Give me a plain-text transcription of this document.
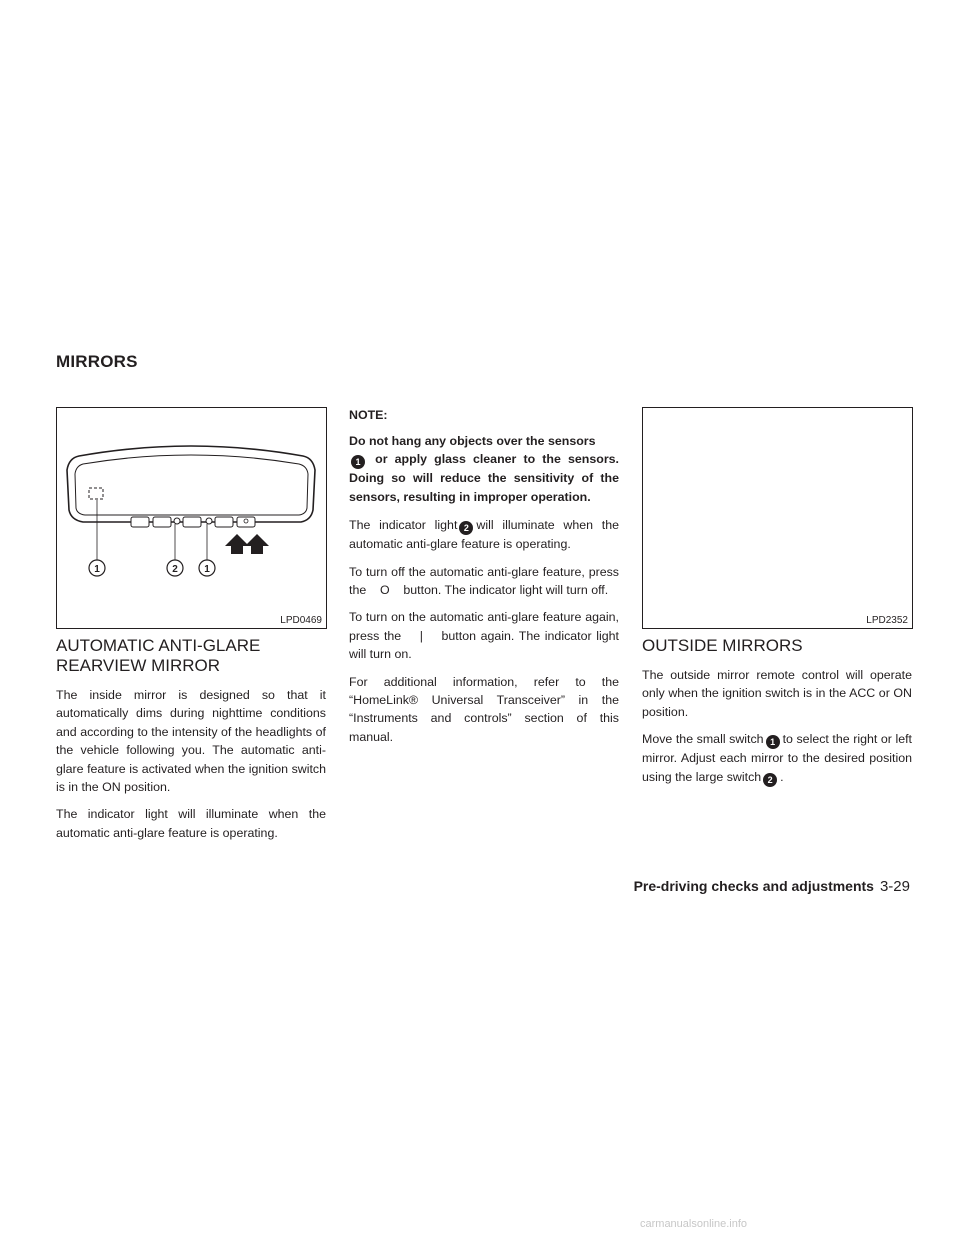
MIRRORS
1	2	1
LPD0469	LPD2352
AUTOMATIC ANTI-GLARE
REARVIEW MIRROR

The inside mirror is designed so that it automatically dims during nighttime conditions and according to the intensity of the headlights of the vehicle following you. The automatic anti-glare feature is activated when the ignition switch is in the ON position.

The indicator light will illuminate when the automatic anti-glare feature is operating.

NOTE:

Do not hang any objects over the sensors
1 or apply glass cleaner to the sensors. Doing so will reduce the sensitivity of the sensors, resulting in improper operation.

The indicator light 2 will illuminate when the automatic anti-glare feature is operating.

To turn off the automatic anti-glare feature, press the    O    button. The indicator light will turn off.

To turn on the automatic anti-glare feature again, press the    |    button again. The indicator light will turn on.

For additional information, refer to the “HomeLink® Universal Transceiver” in the “Instruments and controls” section of this manual.

OUTSIDE MIRRORS

The outside mirror remote control will operate only when the ignition switch is in the ACC or ON position.

Move the small switch 1 to select the right or left mirror. Adjust each mirror to the desired position using the large switch 2 .

Pre-driving checks and adjustments 3-29
carmanualsonline.info
